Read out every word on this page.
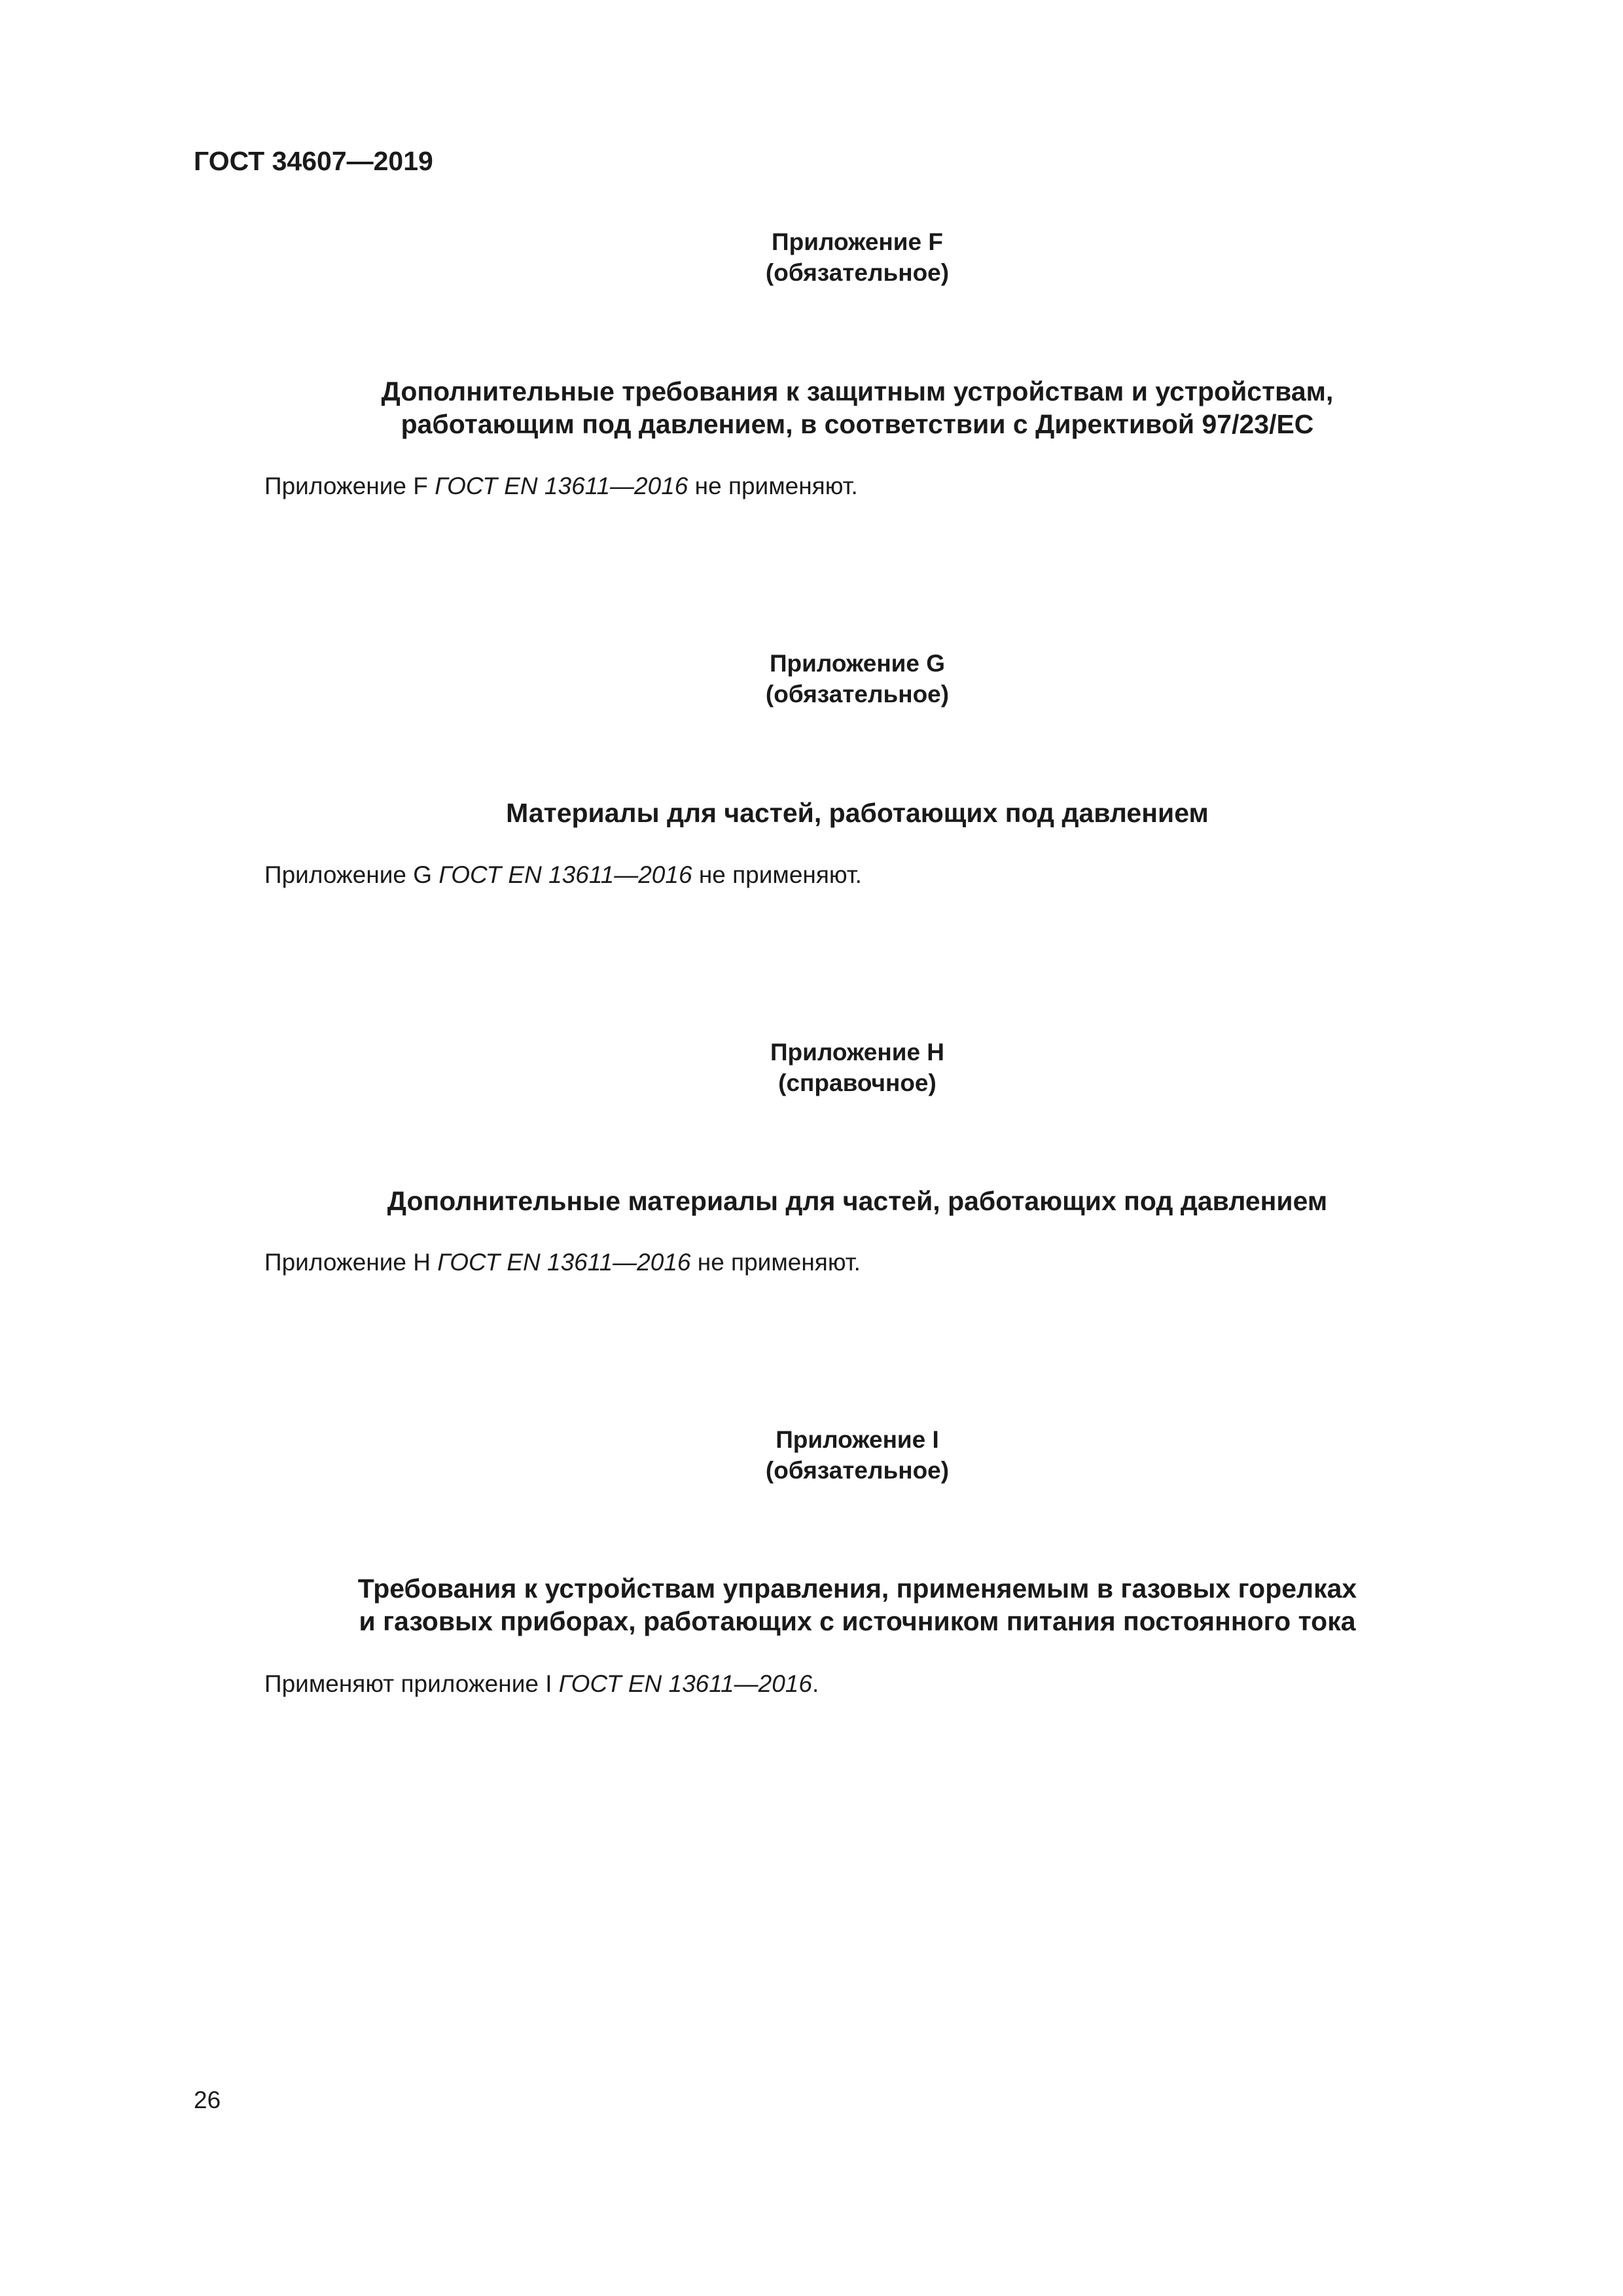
ГОСТ 34607—2019
Приложение F
(обязательное)
Дополнительные требования к защитным устройствам и устройствам,
работающим под давлением, в соответствии с Директивой 97/23/ЕС
Приложение F ГОСТ EN 13611—2016 не применяют.
Приложение G
(обязательное)
Материалы для частей, работающих под давлением
Приложение G ГОСТ EN 13611—2016 не применяют.
Приложение Н
(справочное)
Дополнительные материалы для частей, работающих под давлением
Приложение Н ГОСТ EN 13611—2016 не применяют.
Приложение I
(обязательное)
Требования к устройствам управления, применяемым в газовых горелках
и газовых приборах, работающих с источником питания постоянного тока
Применяют приложение I ГОСТ EN 13611—2016.
26
